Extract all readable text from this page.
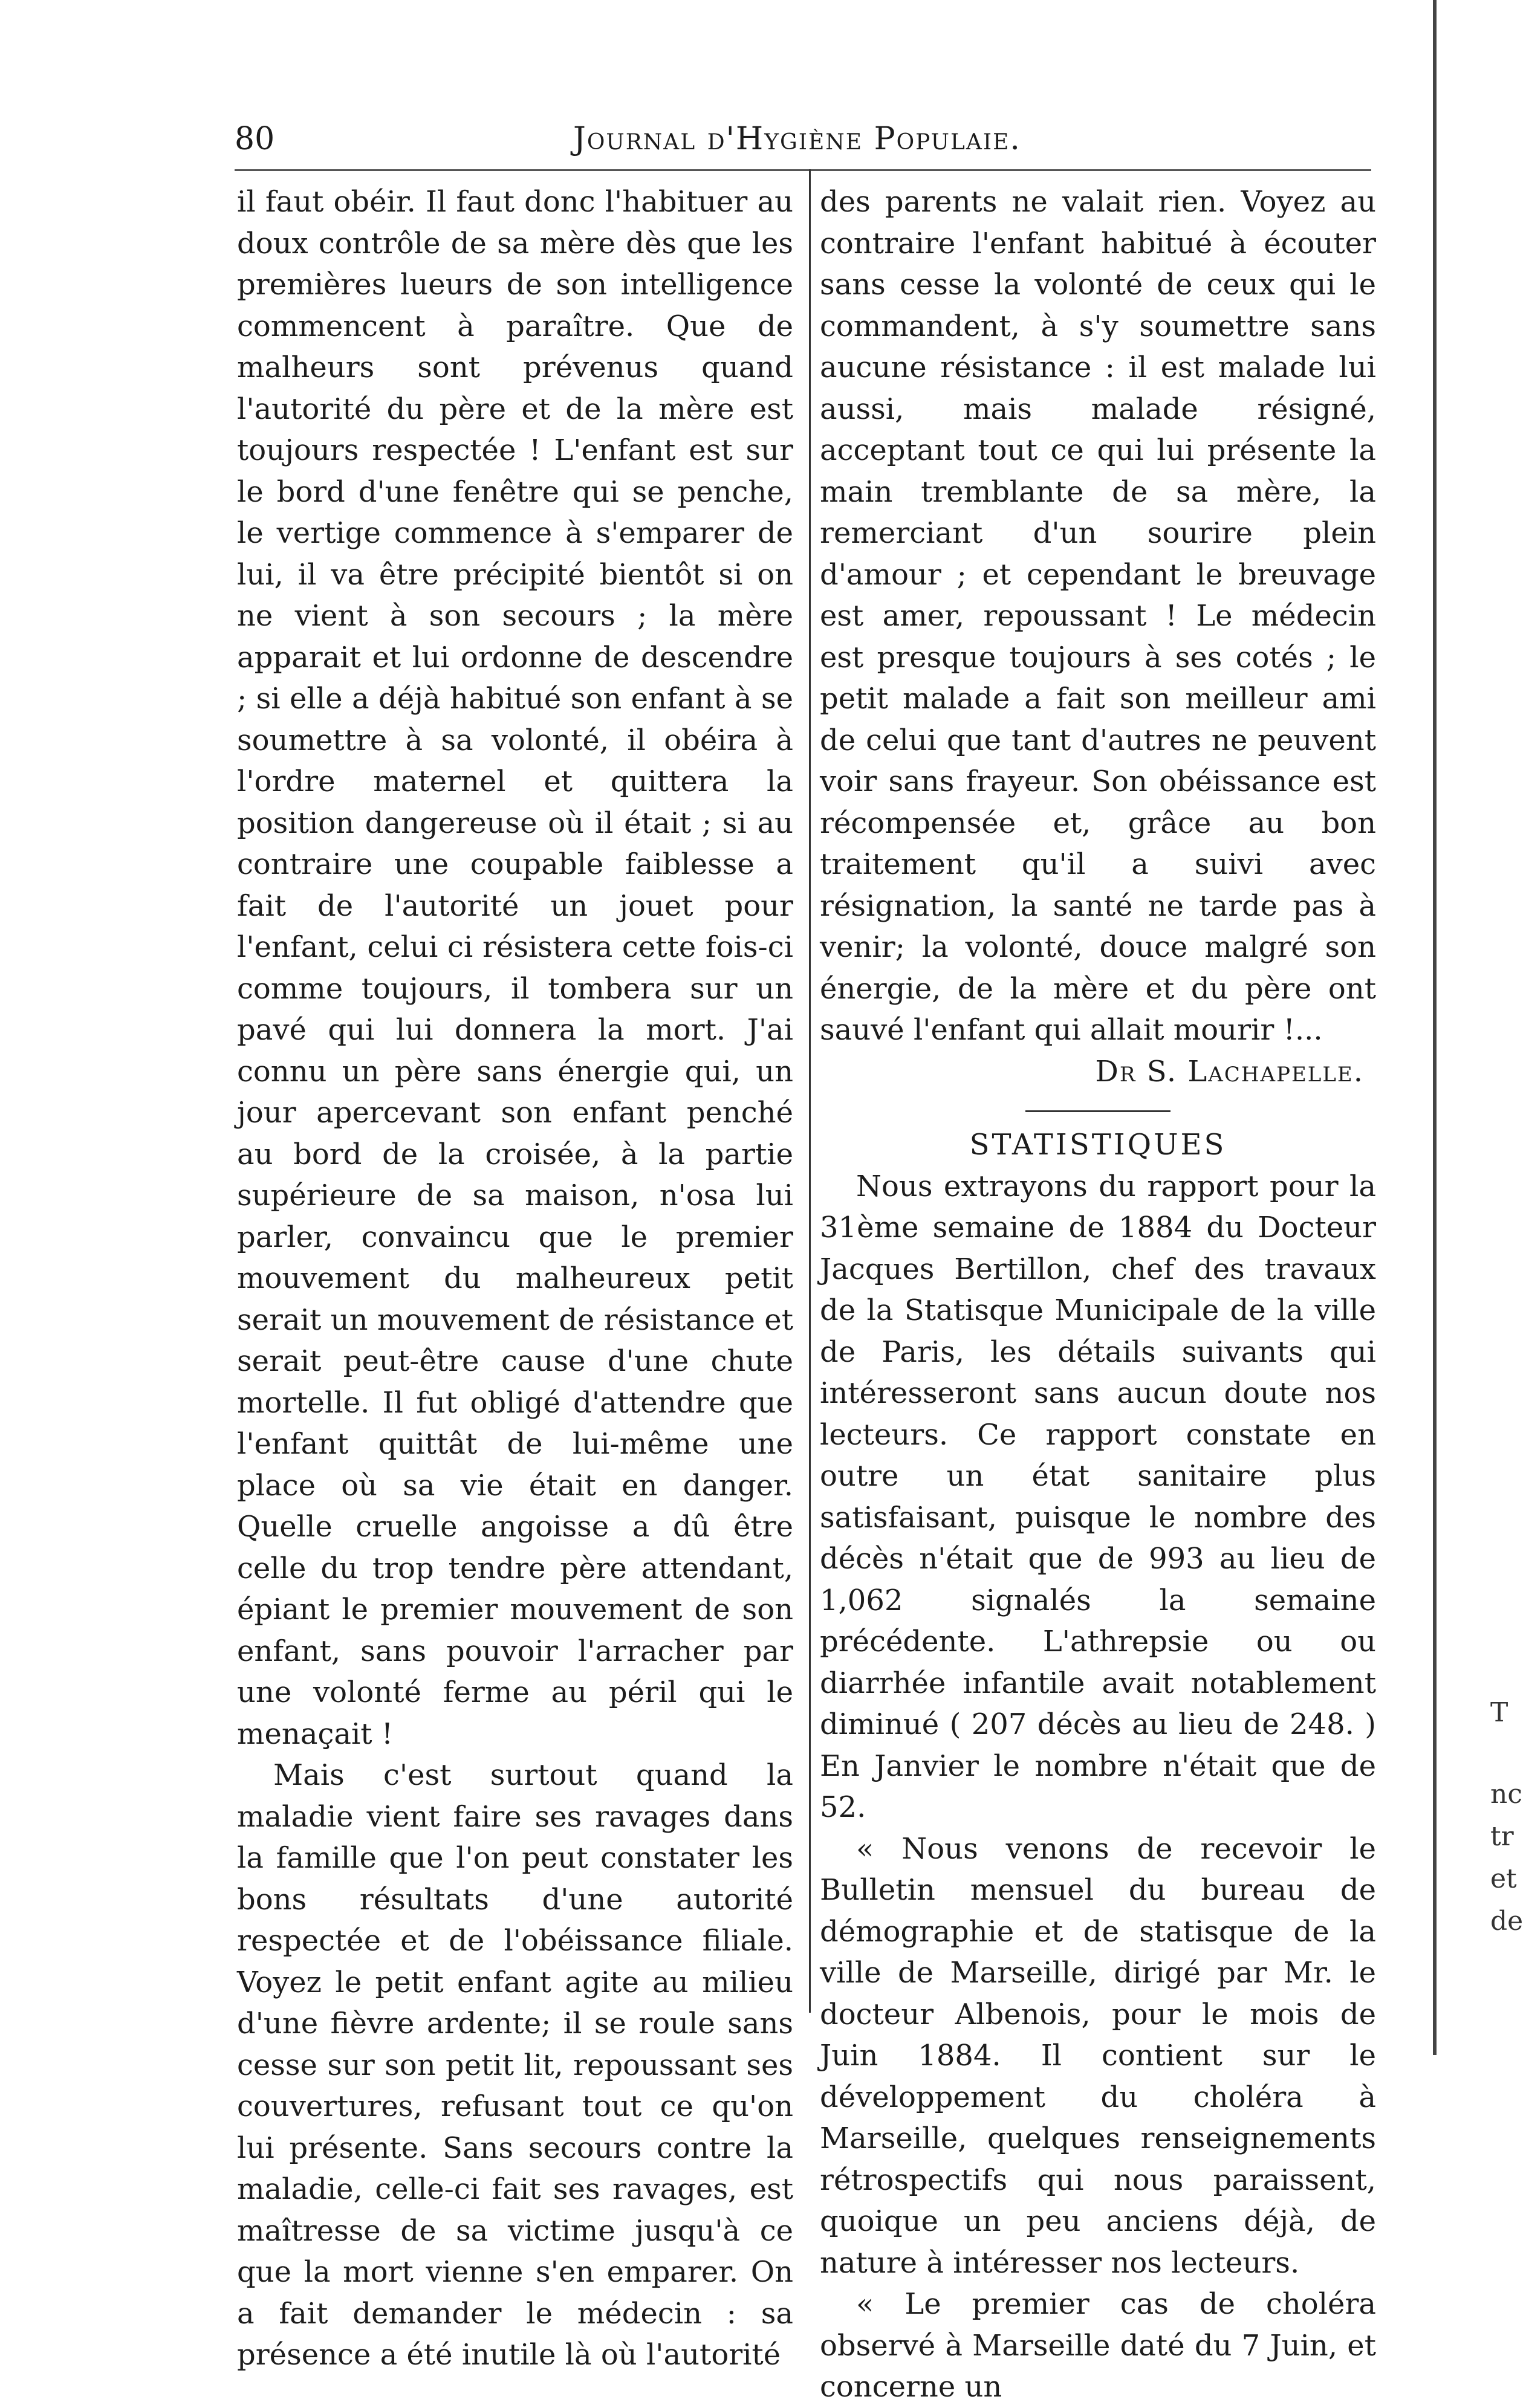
80	Journal d'Hygiène Populaie.

il faut obéir. Il faut donc l'habituer au doux contrôle de sa mère dès que les premières lueurs de son intelligence commencent à paraître. Que de malheurs sont prévenus quand l'autorité du père et de la mère est toujours respectée ! L'enfant est sur le bord d'une fenêtre qui se penche, le vertige commence à s'emparer de lui, il va être précipité bientôt si on ne vient à son secours ; la mère apparait et lui ordonne de descendre ; si elle a déjà habitué son enfant à se soumettre à sa volonté, il obéira à l'ordre maternel et quittera la position dangereuse où il était ; si au contraire une coupable faiblesse a fait de l'autorité un jouet pour l'enfant, celui ci résistera cette fois-ci comme toujours, il tombera sur un pavé qui lui donnera la mort. J'ai connu un père sans énergie qui, un jour apercevant son enfant penché au bord de la croisée, à la partie supérieure de sa maison, n'osa lui parler, convaincu que le premier mouvement du malheureux petit serait un mouvement de résistance et serait peut-être cause d'une chute mortelle. Il fut obligé d'attendre que l'enfant quittât de lui-même une place où sa vie était en danger. Quelle cruelle angoisse a dû être celle du trop tendre père attendant, épiant le premier mouvement de son enfant, sans pouvoir l'arracher par une volonté ferme au péril qui le menaçait !

Mais c'est surtout quand la maladie vient faire ses ravages dans la famille que l'on peut constater les bons résultats d'une autorité respectée et de l'obéissance filiale. Voyez le petit enfant agite au milieu d'une fièvre ardente; il se roule sans cesse sur son petit lit, repoussant ses couvertures, refusant tout ce qu'on lui présente. Sans secours contre la maladie, celle-ci fait ses ravages, est maîtresse de sa victime jusqu'à ce que la mort vienne s'en emparer. On a fait demander le médecin : sa présence a été inutile là où l'autorité

des parents ne valait rien. Voyez au contraire l'enfant habitué à écouter sans cesse la volonté de ceux qui le commandent, à s'y soumettre sans aucune résistance : il est malade lui aussi, mais malade résigné, acceptant tout ce qui lui présente la main tremblante de sa mère, la remerciant d'un sourire plein d'amour ; et cependant le breuvage est amer, repoussant ! Le médecin est presque toujours à ses cotés ; le petit malade a fait son meilleur ami de celui que tant d'autres ne peuvent voir sans frayeur. Son obéissance est récompensée et, grâce au bon traitement qu'il a suivi avec résignation, la santé ne tarde pas à venir; la volonté, douce malgré son énergie, de la mère et du père ont sauvé l'enfant qui allait mourir !...

Dr S. Lachapelle.

STATISTIQUES

Nous extrayons du rapport pour la 31ème semaine de 1884 du Docteur Jacques Bertillon, chef des travaux de la Statisque Municipale de la ville de Paris, les détails suivants qui intéresseront sans aucun doute nos lecteurs. Ce rapport constate en outre un état sanitaire plus satisfaisant, puisque le nombre des décès n'était que de 993 au lieu de 1,062 signalés la semaine précédente. L'athrepsie ou ou diarrhée infantile avait notablement diminué ( 207 décès au lieu de 248. ) En Janvier le nombre n'était que de 52.

« Nous venons de recevoir le Bulletin mensuel du bureau de démographie et de statisque de la ville de Marseille, dirigé par Mr. le docteur Albenois, pour le mois de Juin 1884. Il contient sur le développement du choléra à Marseille, quelques renseignements rétrospectifs qui nous paraissent, quoique un peu anciens déjà, de nature à intéresser nos lecteurs.

« Le premier cas de choléra observé à Marseille daté du 7 Juin, et concerne un

T
nc
tr
et
de
